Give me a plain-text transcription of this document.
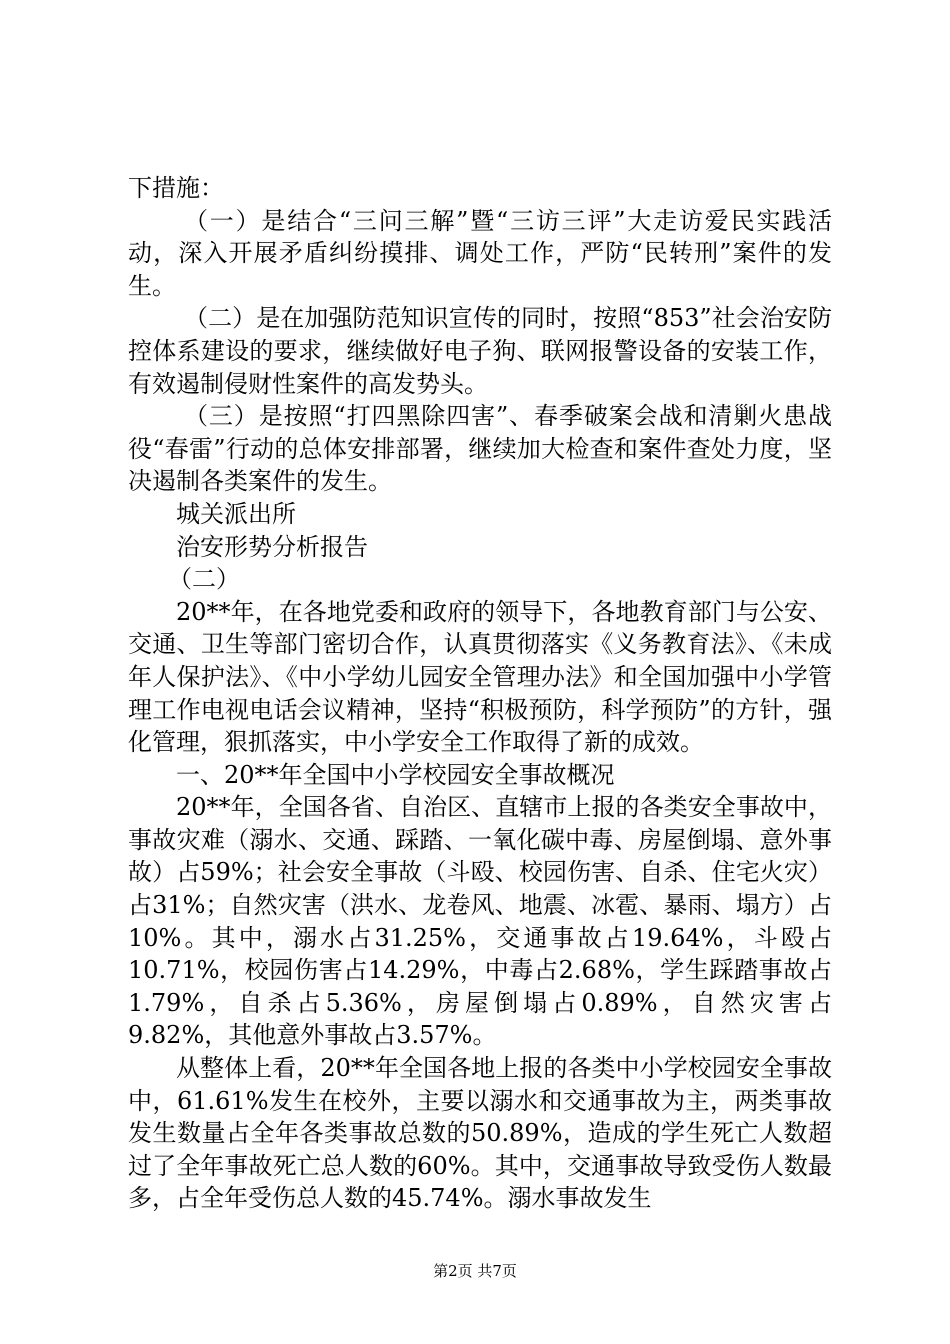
下措施：

（一）是结合“三问三解”暨“三访三评”大走访爱民实践活动，深入开展矛盾纠纷摸排、调处工作，严防“民转刑”案件的发生。

（二）是在加强防范知识宣传的同时，按照“853”社会治安防控体系建设的要求，继续做好电子狗、联网报警设备的安装工作，有效遏制侵财性案件的高发势头。

（三）是按照“打四黑除四害”、春季破案会战和清剿火患战役“春雷”行动的总体安排部署，继续加大检查和案件查处力度，坚决遏制各类案件的发生。

城关派出所

治安形势分析报告

（二）

20**年，在各地党委和政府的领导下，各地教育部门与公安、交通、卫生等部门密切合作，认真贯彻落实《义务教育法》、《未成年人保护法》、《中小学幼儿园安全管理办法》和全国加强中小学管理工作电视电话会议精神，坚持“积极预防，科学预防”的方针，强化管理，狠抓落实，中小学安全工作取得了新的成效。

一、20**年全国中小学校园安全事故概况

20**年，全国各省、自治区、直辖市上报的各类安全事故中，事故灾难（溺水、交通、踩踏、一氧化碳中毒、房屋倒塌、意外事故）占59%；社会安全事故（斗殴、校园伤害、自杀、住宅火灾）占31%；自然灾害（洪水、龙卷风、地震、冰雹、暴雨、塌方）占10%。其中，溺水占31.25%，交通事故占19.64%，斗殴占10.71%，校园伤害占14.29%，中毒占2.68%，学生踩踏事故占1.79%，自杀占5.36%，房屋倒塌占0.89%，自然灾害占9.82%，其他意外事故占3.57%。

从整体上看，20**年全国各地上报的各类中小学校园安全事故中，61.61%发生在校外，主要以溺水和交通事故为主，两类事故发生数量占全年各类事故总数的50.89%，造成的学生死亡人数超过了全年事故死亡总人数的60%。其中，交通事故导致受伤人数最多，占全年受伤总人数的45.74%。溺水事故发生

第2页 共7页
